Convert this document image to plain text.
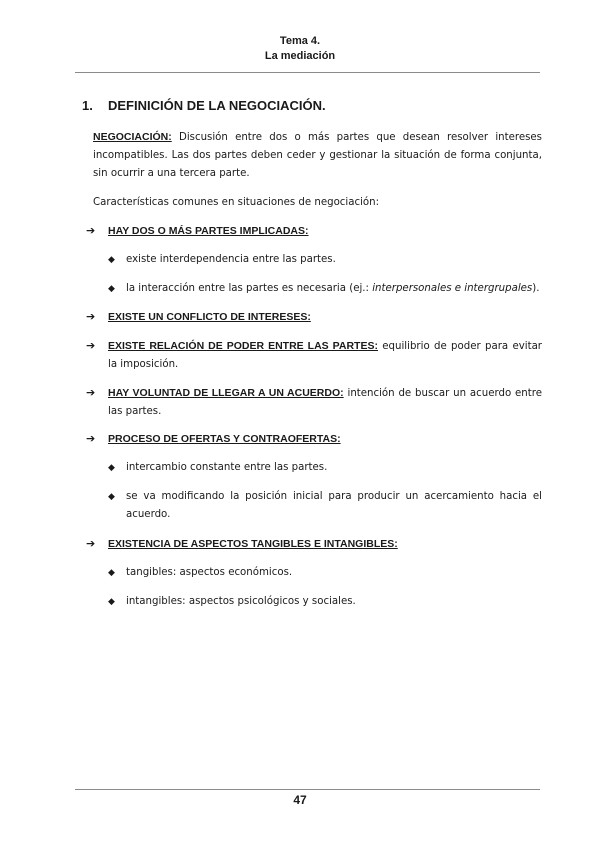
Tema 4.
La mediación
1. DEFINICIÓN DE LA NEGOCIACIÓN.
NEGOCIACIÓN: Discusión entre dos o más partes que desean resolver intereses incompatibles. Las dos partes deben ceder y gestionar la situación de forma conjunta, sin ocurrir a una tercera parte.
Características comunes en situaciones de negociación:
➔ HAY DOS O MÁS PARTES IMPLICADAS:
◆ existe interdependencia entre las partes.
◆ la interacción entre las partes es necesaria (ej.: interpersonales e intergrupales).
➔ EXISTE UN CONFLICTO DE INTERESES:
➔ EXISTE RELACIÓN DE PODER ENTRE LAS PARTES: equilibrio de poder para evitar la imposición.
➔ HAY VOLUNTAD DE LLEGAR A UN ACUERDO: intención de buscar un acuerdo entre las partes.
➔ PROCESO DE OFERTAS Y CONTRAOFERTAS:
◆ intercambio constante entre las partes.
◆ se va modificando la posición inicial para producir un acercamiento hacia el acuerdo.
➔ EXISTENCIA DE ASPECTOS TANGIBLES E INTANGIBLES:
◆ tangibles: aspectos económicos.
◆ intangibles: aspectos psicológicos y sociales.
47
